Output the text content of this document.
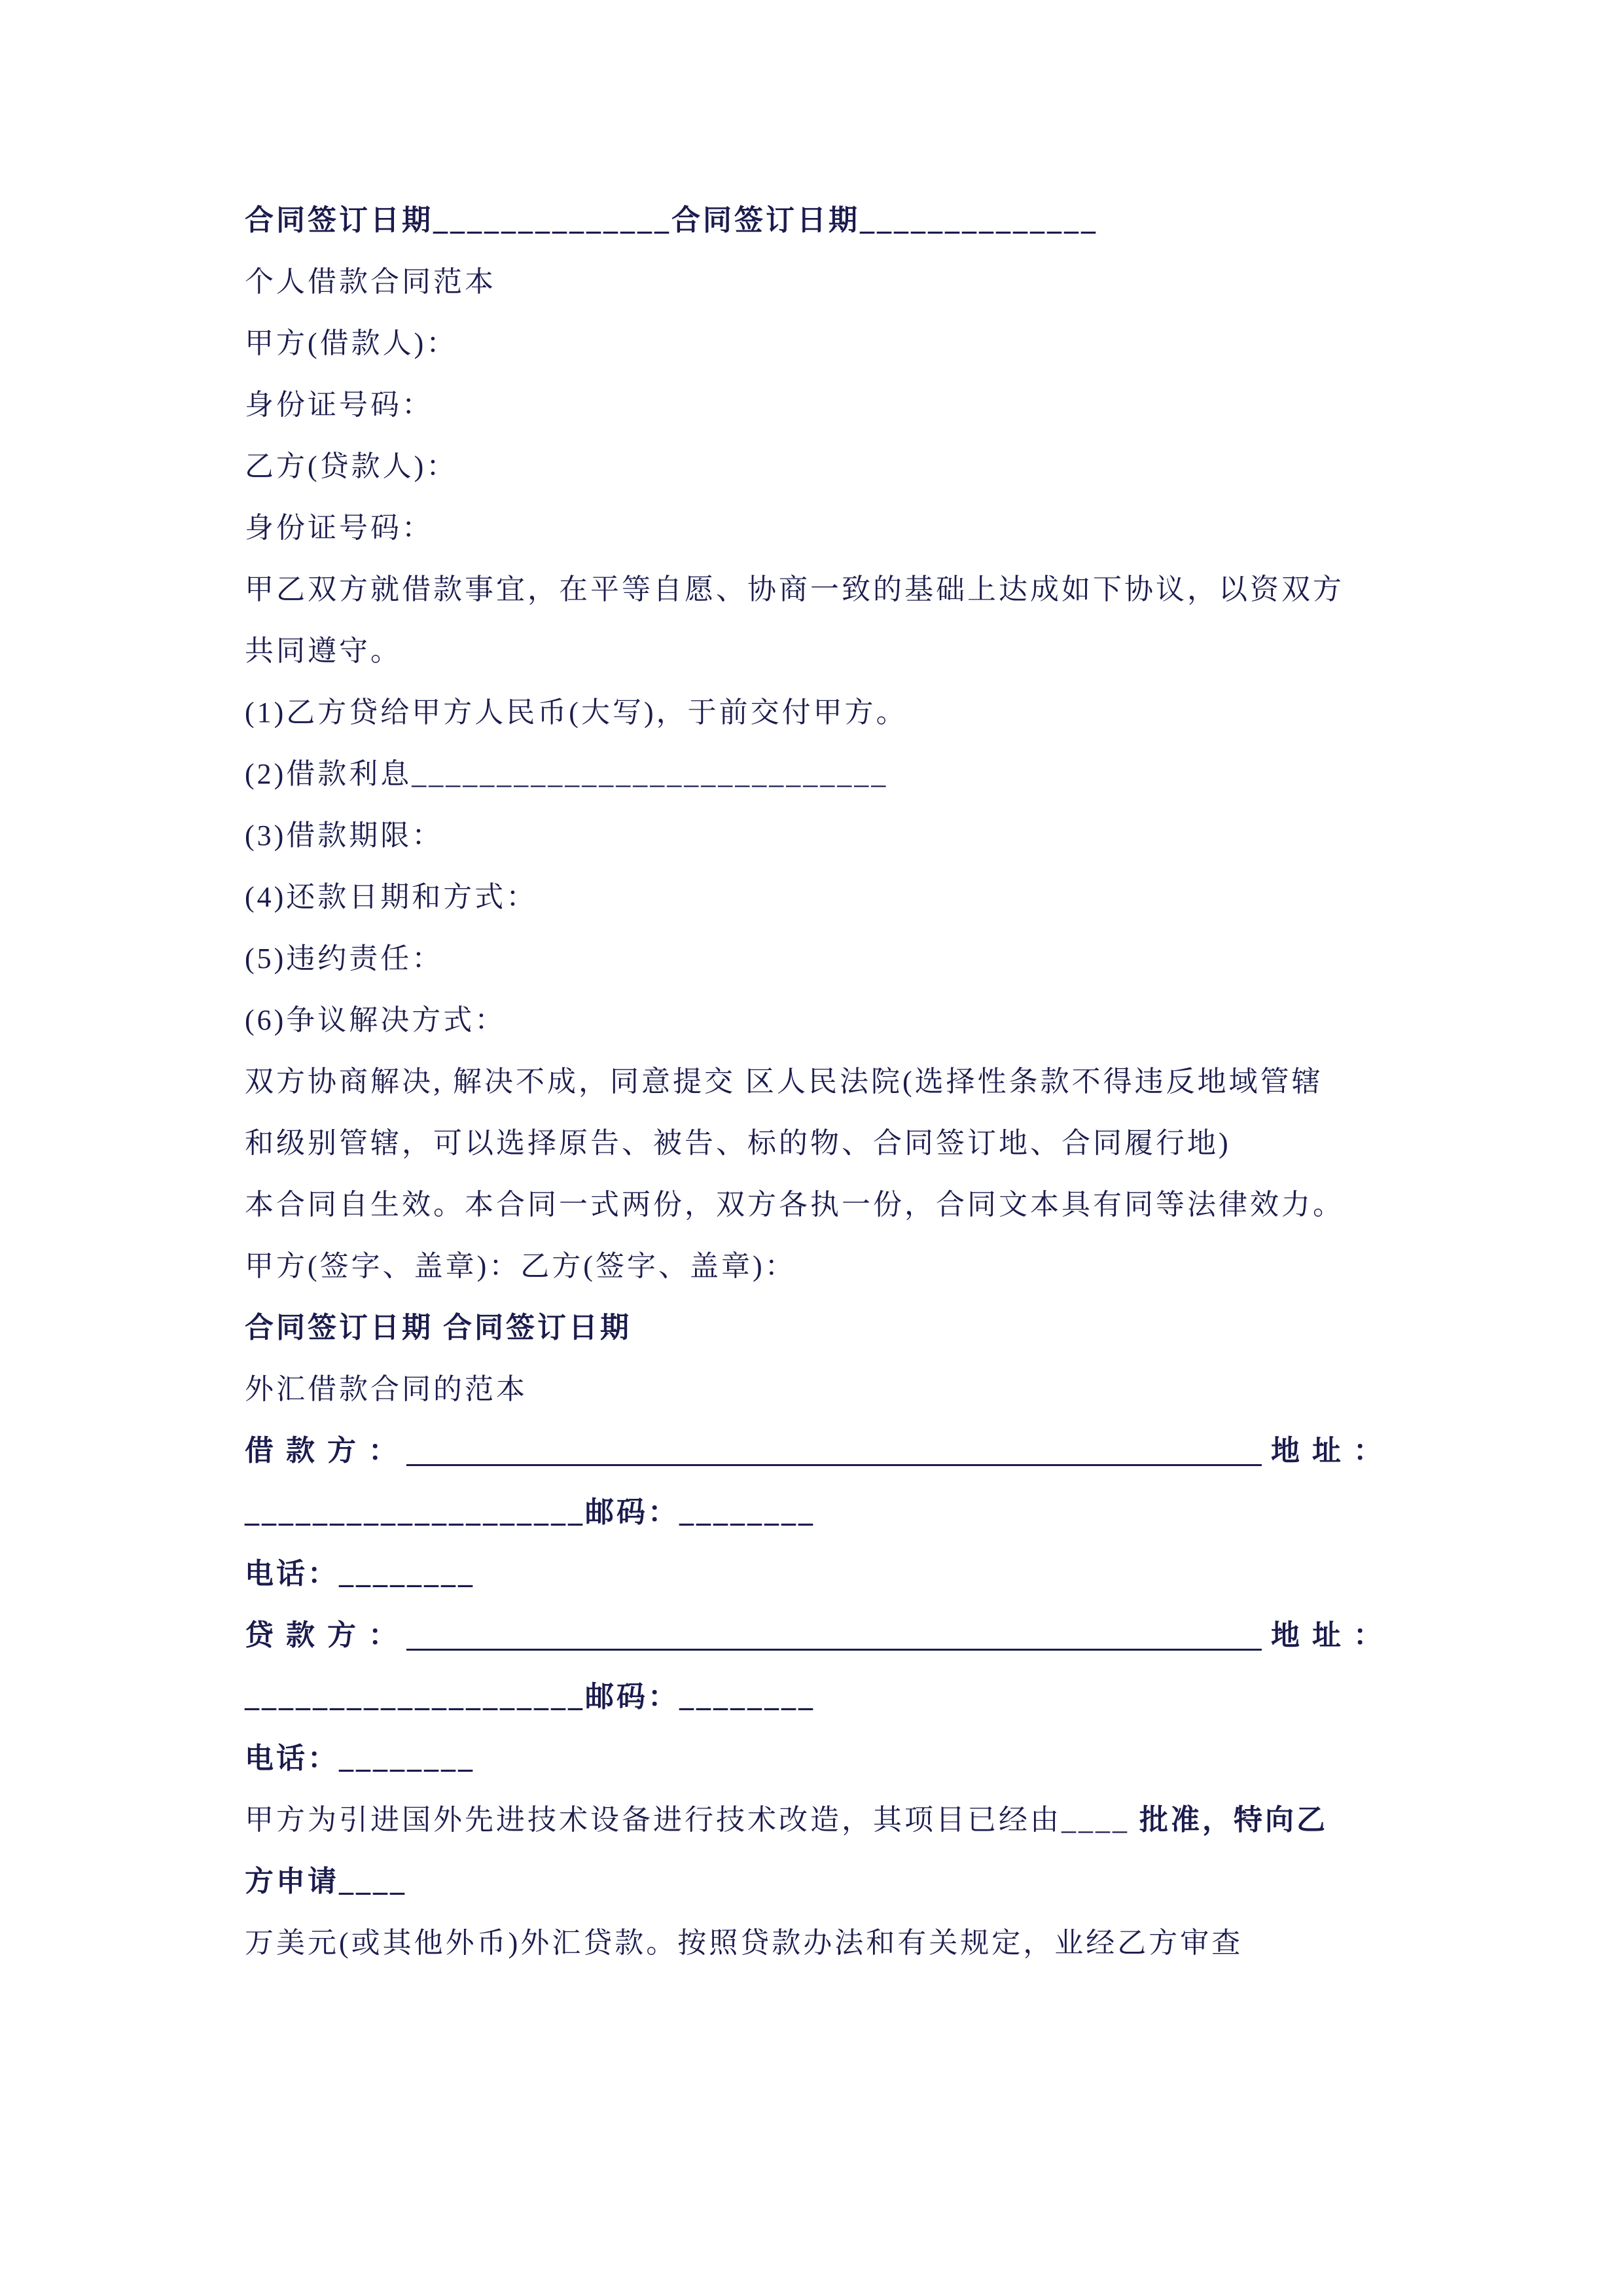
合同签订日期______________合同签订日期______________
个人借款合同范本
甲方(借款人)：
身份证号码：
乙方(贷款人)：
身份证号码：
甲乙双方就借款事宜，在平等自愿、协商一致的基础上达成如下协议，以资双方
共同遵守。
(1)乙方贷给甲方人民币(大写)，于前交付甲方。
(2)借款利息____________________________
(3)借款期限：
(4)还款日期和方式：
(5)违约责任：
(6)争议解决方式：
双方协商解决, 解决不成，同意提交 区人民法院(选择性条款不得违反地域管辖
和级别管辖，可以选择原告、被告、标的物、合同签订地、合同履行地)
本合同自生效。本合同一式两份，双方各执一份，合同文本具有同等法律效力。
甲方(签字、盖章)：乙方(签字、盖章)：
合同签订日期 合同签订日期
外汇借款合同的范本
借 款 方 ：	地 址 ：
____________________邮码：________
电话：________
贷 款 方 ：	地 址 ：
____________________邮码：________
电话：________
甲方为引进国外先进技术设备进行技术改造，其项目已经由____ 批准，特向乙
方申请____
万美元(或其他外币)外汇贷款。按照贷款办法和有关规定，业经乙方审查
